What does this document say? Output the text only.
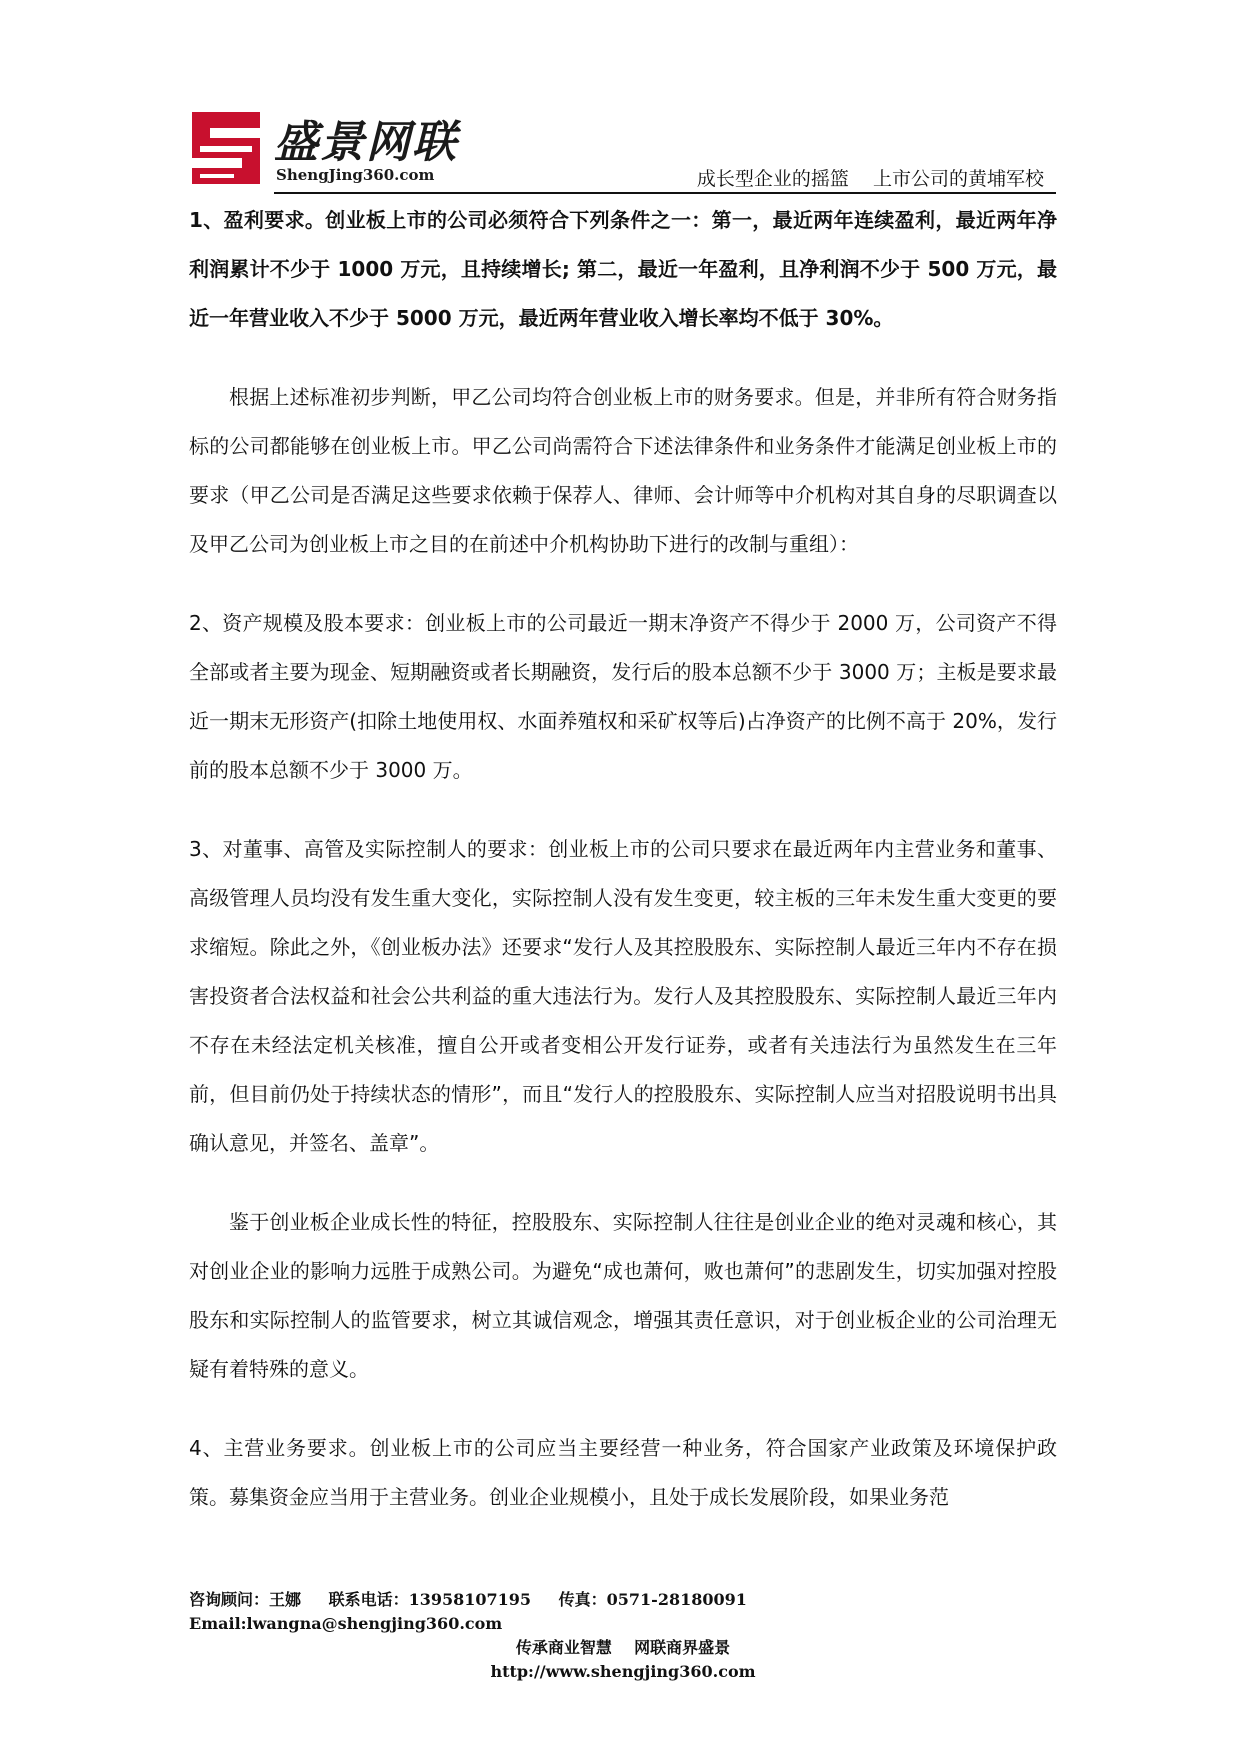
盛景网联
ShengJing360.com	成长型企业的摇篮    上市公司的黄埔军校

1、盈利要求。创业板上市的公司必须符合下列条件之一：第一，最近两年连续盈利，最近两年净利润累计不少于 1000 万元，且持续增长; 第二，最近一年盈利，且净利润不少于 500 万元，最近一年营业收入不少于 5000 万元，最近两年营业收入增长率均不低于 30%。

根据上述标准初步判断，甲乙公司均符合创业板上市的财务要求。但是，并非所有符合财务指标的公司都能够在创业板上市。甲乙公司尚需符合下述法律条件和业务条件才能满足创业板上市的要求（甲乙公司是否满足这些要求依赖于保荐人、律师、会计师等中介机构对其自身的尽职调查以及甲乙公司为创业板上市之目的在前述中介机构协助下进行的改制与重组）：

2、资产规模及股本要求：创业板上市的公司最近一期末净资产不得少于 2000 万，公司资产不得全部或者主要为现金、短期融资或者长期融资，发行后的股本总额不少于 3000 万；主板是要求最近一期末无形资产(扣除土地使用权、水面养殖权和采矿权等后)占净资产的比例不高于 20%，发行前的股本总额不少于 3000 万。

3、对董事、高管及实际控制人的要求：创业板上市的公司只要求在最近两年内主营业务和董事、高级管理人员均没有发生重大变化，实际控制人没有发生变更，较主板的三年未发生重大变更的要求缩短。除此之外，《创业板办法》还要求“发行人及其控股股东、实际控制人最近三年内不存在损害投资者合法权益和社会公共利益的重大违法行为。发行人及其控股股东、实际控制人最近三年内不存在未经法定机关核准，擅自公开或者变相公开发行证券，或者有关违法行为虽然发生在三年前，但目前仍处于持续状态的情形”，而且“发行人的控股股东、实际控制人应当对招股说明书出具确认意见，并签名、盖章”。

鉴于创业板企业成长性的特征，控股股东、实际控制人往往是创业企业的绝对灵魂和核心，其对创业企业的影响力远胜于成熟公司。为避免“成也萧何，败也萧何”的悲剧发生，切实加强对控股股东和实际控制人的监管要求，树立其诚信观念，增强其责任意识，对于创业板企业的公司治理无疑有着特殊的意义。

4、主营业务要求。创业板上市的公司应当主要经营一种业务，符合国家产业政策及环境保护政策。募集资金应当用于主营业务。创业企业规模小，且处于成长发展阶段，如果业务范

咨询顾问：王娜 联系电话：13958107195 传真：0571-28180091 Email:lwangna@shengjing360.com
传承商业智慧    网联商界盛景
http://www.shengjing360.com
